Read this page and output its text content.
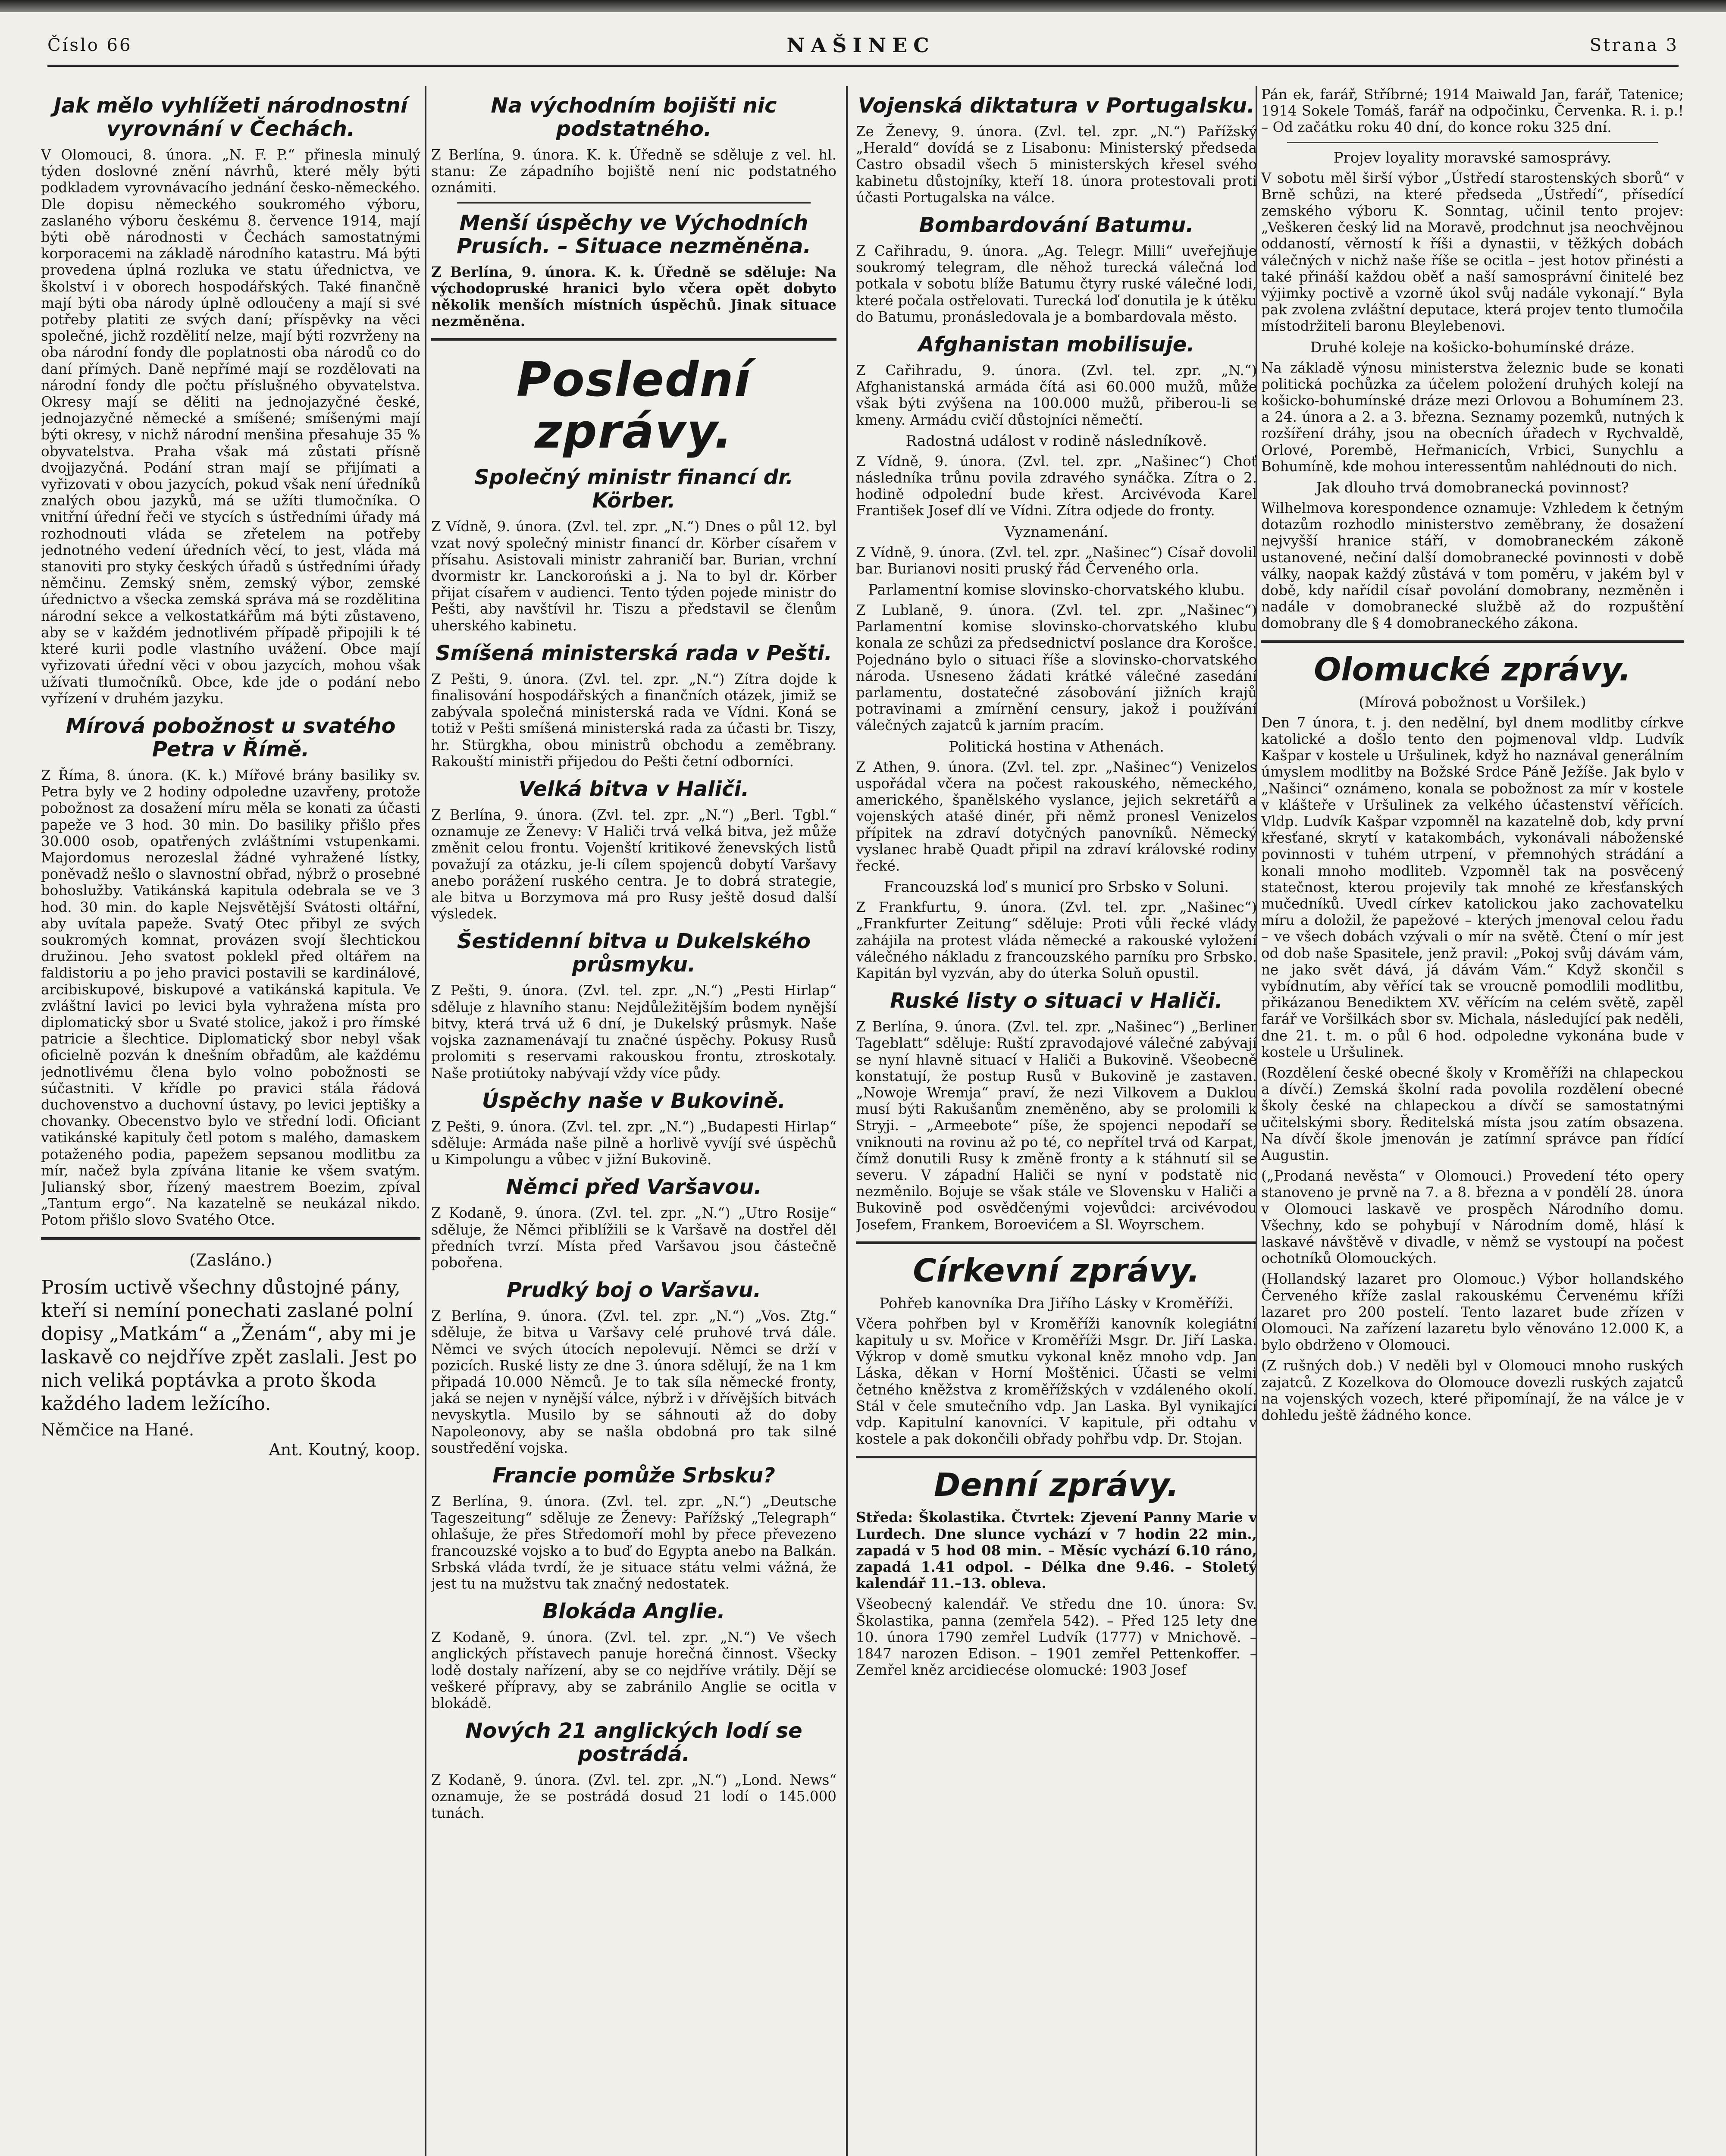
Číslo 66	NAŠINEC	Strana 3
Jak mělo vyhlížeti národnostní vyrovnání v Čechách.

V Olomouci, 8. února. „N. F. P.“ přinesla minulý týden doslovné znění návrhů, které měly býti podkladem vyrovnávacího jednání česko-německého. Dle dopisu německého soukromého výboru, zaslaného výboru českému 8. července 1914, mají býti obě národnosti v Čechách samostatnými korporacemi na základě národního katastru. Má býti provedena úplná rozluka ve statu úřednictva, ve školství i v oborech hospodářských. Také finančně mají býti oba národy úplně odloučeny a mají si své potřeby platiti ze svých daní; příspěvky na věci společné, jichž rozdělití nelze, mají býti rozvrženy na oba národní fondy dle poplatnosti oba národů co do daní přímých. Daně nepřímé mají se rozdělovati na národní fondy dle počtu příslušného obyvatelstva. Okresy mají se děliti na jednojazyčné české, jednojazyčné německé a smíšené; smíšenými mají býti okresy, v nichž národní menšina přesahuje 35 % obyvatelstva. Praha však má zůstati přísně dvojjazyčná. Podání stran mají se přijímati a vyřizovati v obou jazycích, pokud však není úředníků znalých obou jazyků, má se užíti tlumočníka. O vnitřní úřední řeči ve stycích s ústředními úřady má rozhodnouti vláda se zřetelem na potřeby jednotného vedení úředních věcí, to jest, vláda má stanoviti pro styky českých úřadů s ústředními úřady němčinu. Zemský sněm, zemský výbor, zemské úřednictvo a všecka zemská správa má se rozdělitina národní sekce a velkostatkářům má býti zůstaveno, aby se v každém jednotlivém případě připojili k té které kurii podle vlastního uvážení. Obce mají vyřizovati úřední věci v obou jazycích, mohou však užívati tlumočníků. Obce, kde jde o podání nebo vyřízení v druhém jazyku.

Mírová pobožnost u svatého Petra v Římě.

Z Říma, 8. února. (K. k.) Mířové brány basiliky sv. Petra byly ve 2 hodiny odpoledne uzavřeny, protože pobožnost za dosažení míru měla se konati za účasti papeže ve 3 hod. 30 min. Do basiliky přišlo přes 30.000 osob, opatřených zvláštními vstupenkami. Majordomus nerozeslal žádné vyhražené lístky, poněvadž nešlo o slavnostní obřad, nýbrž o prosebné bohoslužby. Vatikánská kapitula odebrala se ve 3 hod. 30 min. do kaple Nejsvětější Svátosti oltářní, aby uvítala papeže. Svatý Otec přibyl ze svých soukromých komnat, provázen svojí šlechtickou družinou. Jeho svatost poklekl před oltářem na faldistoriu a po jeho pravici postavili se kardinálové, arcibiskupové, biskupové a vatikánská kapitula. Ve zvláštní lavici po levici byla vyhražena místa pro diplomatický sbor u Svaté stolice, jakož i pro římské patricie a šlechtice. Diplomatický sbor nebyl však oficielně pozván k dnešním obřadům, ale každému jednotlivému člena bylo volno pobožnosti se súčastniti. V křídle po pravici stála řádová duchovenstvo a duchovní ústavy, po levici jeptišky a chovanky. Obecenstvo bylo ve střední lodi. Oficiant vatikánské kapituly četl potom s malého, damaskem potaženého podia, papežem sepsanou modlitbu za mír, načež byla zpívána litanie ke všem svatým. Julianský sbor, řízený maestrem Boezim, zpíval „Tantum ergo“. Na kazatelně se neukázal nikdo. Potom přišlo slovo Svatého Otce.

(Zasláno.)
Prosím uctivě všechny důstojné pány, kteří si nemíní ponechati zaslané polní dopisy „Matkám“ a „Ženám“, aby mi je laskavě co nejdříve zpět zaslali. Jest po nich veliká poptávka a proto škoda každého ladem ležícího.
Němčice na Hané.
Ant. Koutný, koop.
Na východním bojišti nic podstatného.

Z Berlína, 9. února. K. k. Úředně se sděluje z vel. hl. stanu: Ze západního bojiště není nic podstatného oznámiti.

Menší úspěchy ve Východních Prusích. – Situace nezměněna.

Z Berlína, 9. února. K. k. Úředně se sděluje: Na východopruské hranici bylo včera opět dobyto několik menších místních úspěchů. Jinak situace nezměněna.

Poslední zprávy.
Společný ministr financí dr. Körber.

Z Vídně, 9. února. (Zvl. tel. zpr. „N.“) Dnes o půl 12. byl vzat nový společný ministr financí dr. Körber císařem v přísahu. Asistovali ministr zahraničí bar. Burian, vrchní dvormistr kr. Lanckoroński a j. Na to byl dr. Körber přijat císařem v audienci. Tento týden pojede ministr do Pešti, aby navštívil hr. Tiszu a představil se členům uherského kabinetu.

Smíšená ministerská rada v Pešti.

Z Pešti, 9. února. (Zvl. tel. zpr. „N.“) Zítra dojde k finalisování hospodářských a finančních otázek, jimiž se zabývala společná ministerská rada ve Vídni. Koná se totiž v Pešti smíšená ministerská rada za účasti br. Tiszy, hr. Stürgkha, obou ministrů obchodu a zeměbrany. Rakouští ministři přijedou do Pešti četní odborníci.

Velká bitva v Haliči.

Z Berlína, 9. února. (Zvl. tel. zpr. „N.“) „Berl. Tgbl.“ oznamuje ze Ženevy: V Haliči trvá velká bitva, jež může změnit celou frontu. Vojenští kritikové ženevských listů považují za otázku, je-li cílem spojenců dobytí Varšavy anebo porážení ruského centra. Je to dobrá strategie, ale bitva u Borzymova má pro Rusy ještě dosud další výsledek.

Šestidenní bitva u Dukelského průsmyku.

Z Pešti, 9. února. (Zvl. tel. zpr. „N.“) „Pesti Hirlap“ sděluje z hlavního stanu: Nejdůležitějším bodem nynější bitvy, která trvá už 6 dní, je Dukelský průsmyk. Naše vojska zaznamenávají tu značné úspěchy. Pokusy Rusů prolomiti s reservami rakouskou frontu, ztroskotaly. Naše protiútoky nabývají vždy více půdy.

Úspěchy naše v Bukovině.

Z Pešti, 9. února. (Zvl. tel. zpr. „N.“) „Budapesti Hirlap“ sděluje: Armáda naše pilně a horlivě vyvíjí své úspěchů u Kimpolungu a vůbec v jižní Bukovině.

Němci před Varšavou.

Z Kodaně, 9. února. (Zvl. tel. zpr. „N.“) „Utro Rosije“ sděluje, že Němci přiblížili se k Varšavě na dostřel děl předních tvrzí. Místa před Varšavou jsou částečně pobořena.

Prudký boj o Varšavu.

Z Berlína, 9. února. (Zvl. tel. zpr. „N.“) „Vos. Ztg.“ sděluje, že bitva u Varšavy celé pruhové trvá dále. Němci ve svých útocích nepolevují. Němci se drží v pozicích. Ruské listy ze dne 3. února sdělují, že na 1 km připadá 10.000 Němců. Je to tak síla německé fronty, jaká se nejen v nynější válce, nýbrž i v dřívějších bitvách nevyskytla. Musilo by se sáhnouti až do doby Napoleonovy, aby se našla obdobná pro tak silné soustředění vojska.

Francie pomůže Srbsku?

Z Berlína, 9. února. (Zvl. tel. zpr. „N.“) „Deutsche Tageszeitung“ sděluje ze Ženevy: Pařížský „Telegraph“ ohlašuje, že přes Středomoří mohl by přece převezeno francouzské vojsko a to buď do Egypta anebo na Balkán. Srbská vláda tvrdí, že je situace státu velmi vážná, že jest tu na mužstvu tak značný nedostatek.

Blokáda Anglie.

Z Kodaně, 9. února. (Zvl. tel. zpr. „N.“) Ve všech anglických přístavech panuje horečná činnost. Všecky lodě dostaly nařízení, aby se co nejdříve vrátily. Dějí se veškeré přípravy, aby se zabránilo Anglie se ocitla v blokádě.

Nových 21 anglických lodí se postrádá.

Z Kodaně, 9. února. (Zvl. tel. zpr. „N.“) „Lond. News“ oznamuje, že se postrádá dosud 21 lodí o 145.000 tunách.

Vojenská diktatura v Portugalsku.

Ze Ženevy, 9. února. (Zvl. tel. zpr. „N.“) Pařížský „Herald“ dovídá se z Lisabonu: Ministerský předseda Castro obsadil všech 5 ministerských křesel svého kabinetu důstojníky, kteří 18. února protestovali proti účasti Portugalska na válce.

Bombardování Batumu.

Z Cařihradu, 9. února. „Ag. Telegr. Milli“ uveřejňuje soukromý telegram, dle něhož turecká válečná loď potkala v sobotu blíže Batumu čtyry ruské válečné lodi, které počala ostřelovati. Turecká loď donutila je k útěku do Batumu, pronásledovala je a bombardovala město.

Afghanistan mobilisuje.

Z Cařihradu, 9. února. (Zvl. tel. zpr. „N.“) Afghanistanská armáda čítá asi 60.000 mužů, může však býti zvýšena na 100.000 mužů, přiberou-li se kmeny. Armádu cvičí důstojníci němečtí.

Radostná událost v rodině následníkově.

Z Vídně, 9. února. (Zvl. tel. zpr. „Našinec“) Choť následníka trůnu povila zdravého synáčka. Zítra o 2. hodině odpolední bude křest. Arcivévoda Karel František Josef dlí ve Vídni. Zítra odjede do fronty.

Vyznamenání.

Z Vídně, 9. února. (Zvl. tel. zpr. „Našinec“) Císař dovolil bar. Burianovi nositi pruský řád Červeného orla.

Parlamentní komise slovinsko-chorvatského klubu.

Z Lublaně, 9. února. (Zvl. tel. zpr. „Našinec“) Parlamentní komise slovinsko-chorvatského klubu konala ze schůzi za předsednictví poslance dra Korošce. Pojednáno bylo o situaci říše a slovinsko-chorvatského národa. Usneseno žádati krátké válečné zasedání parlamentu, dostatečné zásobování jižních krajů potravinami a zmírnění censury, jakož i používání válečných zajatců k jarním pracím.

Politická hostina v Athenách.

Z Athen, 9. února. (Zvl. tel. zpr. „Našinec“) Venizelos uspořádal včera na počest rakouského, německého, amerického, španělského vyslance, jejich sekretářů a vojenských atašé dinér, při němž pronesl Venizelos přípitek na zdraví dotyčných panovníků. Německý vyslanec hrabě Quadt připil na zdraví královské rodiny řecké.

Francouzská loď s municí pro Srbsko v Soluni.

Z Frankfurtu, 9. února. (Zvl. tel. zpr. „Našinec“) „Frankfurter Zeitung“ sděluje: Proti vůli řecké vlády zahájila na protest vláda německé a rakouské vyložení válečného nákladu z francouzského parníku pro Srbsko. Kapitán byl vyzván, aby do úterka Soluň opustil.

Ruské listy o situaci v Haliči.

Z Berlína, 9. února. (Zvl. tel. zpr. „Našinec“) „Berliner Tageblatt“ sděluje: Ruští zpravodajové válečné zabývají se nyní hlavně situací v Haliči a Bukovině. Všeobecně konstatují, že postup Rusů v Bukovině je zastaven. „Nowoje Wremja“ praví, že nezi Vilkovem a Duklou musí býti Rakušanům zneměněno, aby se prolomili k Stryji. – „Armeebote“ píše, že spojenci nepodaří se vniknouti na rovinu až po té, co nepřítel trvá od Karpat, čímž donutili Rusy k změně fronty a k stáhnutí sil se severu. V západní Haliči se nyní v podstatě nic nezměnilo. Bojuje se však stále ve Slovensku v Haliči a Bukovině pod osvědčenými vojevůdci: arcivévodou Josefem, Frankem, Boroevićem a Sl. Woyrschem.

Církevní zprávy.
Pohřeb kanovníka Dra Jiřího Lásky v Kroměříži.

Včera pohřben byl v Kroměříži kanovník kolegiátní kapituly u sv. Mořice v Kroměříži Msgr. Dr. Jiří Laska. Výkrop v domě smutku vykonal kněz mnoho vdp. Jan Láska, děkan v Horní Moštěnici. Účasti se velmi četného kněžstva z kroměřížských v vzdáleného okolí. Stál v čele smutečního vdp. Jan Laska. Byl vynikající vdp. Kapitulní kanovníci. V kapitule, při odtahu v kostele a pak dokončili obřady pohřbu vdp. Dr. Stojan.

Denní zprávy.

Středa: Školastika. Čtvrtek: Zjevení Panny Marie v Lurdech. Dne slunce vychází v 7 hodin 22 min., zapadá v 5 hod 08 min. – Měsíc vychází 6.10 ráno, zapadá 1.41 odpol. – Délka dne 9.46. – Stoletý kalendář 11.–13. oblevа.

Všeobecný kalendář. Ve středu dne 10. února: Sv. Školastika, panna (zemřela 542). – Před 125 lety dne 10. února 1790 zemřel Ludvík (1777) v Mnichově. – 1847 narozen Edison. – 1901 zemřel Pettenkoffer. – Zemřel kněz arcidiecése olomucké: 1903 Josef

Pán ek, farář, Stříbrné; 1914 Maiwald Jan, farář, Tatenice; 1914 Sokele Tomáš, farář na odpočinku, Červenka. R. i. p.! – Od začátku roku 40 dní, do konce roku 325 dní.

Projev loyality moravské samosprávy.

V sobotu měl širší výbor „Ústředí starostenských sborů“ v Brně schůzi, na které předseda „Ústředí“, přísedící zemského výboru K. Sonntag, učinil tento projev: „Veškeren český lid na Moravě, prodchnut jsa neochvějnou oddaností, věrností k říši a dynastii, v těžkých dobách válečných v nichž naše říše se ocitla – jest hotov přinésti a také přináší každou oběť a naší samosprávní činitelé bez výjimky poctivě a vzorně úkol svůj nadále vykonají.“ Byla pak zvolena zvláštní deputace, která projev tento tlumočila místodržiteli baronu Bleylebenovi.

Druhé koleje na košicko-bohumínské dráze.

Na základě výnosu ministerstva železnic bude se konati politická pochůzka za účelem položení druhých kolejí na košicko-bohumínské dráze mezi Orlovou a Bohumínem 23. a 24. února a 2. a 3. března. Seznamy pozemků, nutných k rozšíření dráhy, jsou na obecních úřadech v Rychvaldě, Orlové, Porembě, Heřmanicích, Vrbici, Sunychlu a Bohumíně, kde mohou interessentům nahlédnouti do nich.

Jak dlouho trvá domobranecká povinnost?

Wilhelmova korespondence oznamuje: Vzhledem k četným dotazům rozhodlo ministerstvo zeměbrany, že dosažení nejvyšší hranice stáří, v domobraneckém zákoně ustanovené, nečiní další domobranecké povinnosti v době války, naopak každý zůstává v tom poměru, v jakém byl v době, kdy nařídil císař povolání domobrany, nezměněn i nadále v domobranecké službě až do rozpuštění domobrany dle § 4 domobraneckého zákona.

Olomucké zprávy.
(Mírová pobožnost u Voršilek.)

Den 7 února, t. j. den nedělní, byl dnem modlitby církve katolické a došlo tento den pojmenoval vldp. Ludvík Kašpar v kostele u Uršulinek, když ho naznával generálním úmyslem modlitby na Božské Srdce Páně Ježíše. Jak bylo v „Našinci“ oznámeno, konala se pobožnost za mír v kostele v klášteře v Uršulinek za velkého účastenství věřících. Vldp. Ludvík Kašpar vzpomněl na kazatelně dob, kdy první křesťané, skrytí v katakombách, vykonávali náboženské povinnosti v tuhém utrpení, v přemnohých strádání a konali mnoho modliteb. Vzpomněl tak na posvěcený statečnost, kterou projevily tak mnohé ze křesťanských mučedníků. Uvedl církev katolickou jako zachovatelku míru a doložil, že papežové – kterých jmenoval celou řadu – ve všech dobách vzývali o mír na světě. Čtení o mír jest od dob naše Spasitele, jenž pravil: „Pokoj svůj dávám vám, ne jako svět dává, já dávám Vám.“ Když skončil s vybídnutím, aby věřící tak se vroucně pomodlili modlitbu, přikázanou Benediktem XV. věřícím na celém světě, zapěl farář ve Voršilkách sbor sv. Michala, následující pak neděli, dne 21. t. m. o půl 6 hod. odpoledne vykonána bude v kostele u Uršulinek.

(Rozdělení české obecné školy v Kroměříži na chlapeckou a dívčí.) Zemská školní rada povolila rozdělení obecné školy české na chlapeckou a dívčí se samostatnými učitelskými sbory. Ředitelská místa jsou zatím obsazena. Na dívčí škole jmenován je zatímní správce pan řídící Augustin.

(„Prodaná nevěsta“ v Olomouci.) Provedení této opery stanoveno je prvně na 7. a 8. března a v pondělí 28. února v Olomouci laskavě ve prospěch Národního domu. Všechny, kdo se pohybují v Národním domě, hlásí k laskavé návštěvě v divadle, v němž se vystoupí na počest ochotníků Olomouckých.

(Hollandský lazaret pro Olomouc.) Výbor hollandského Červeného kříže zaslal rakouskému Červenému kříži lazaret pro 200 postelí. Tento lazaret bude zřízen v Olomouci. Na zařízení lazaretu bylo věnováno 12.000 K, a bylo obdrženo v Olomouci.

(Z rušných dob.) V neděli byl v Olomouci mnoho ruských zajatců. Z Kozelkova do Olomouce dovezli ruských zajatců na vojenských vozech, které připomínají, že na válce je v dohledu ještě žádného konce.
